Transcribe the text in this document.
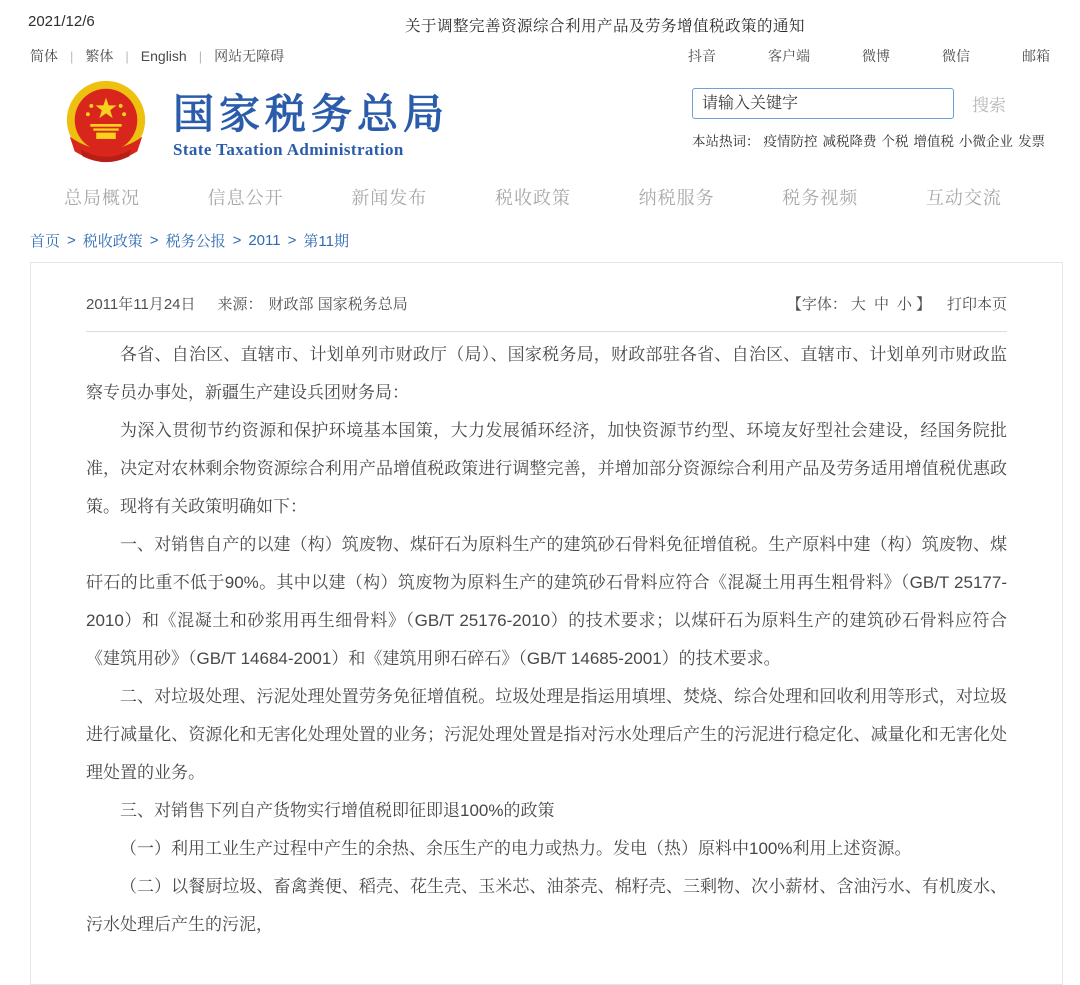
2021/12/6	关于调整完善资源综合利用产品及劳务增值税政策的通知
简体 | 繁体 | English | 网站无障碍	抖音	客户端	微博	微信	邮箱
国家税务总局
State Taxation Administration
请输入关键字
搜索
本站热词： 疫情防控 减税降费 个税 增值税 小微企业 发票
总局概况	信息公开	新闻发布	税收政策	纳税服务	税务视频	互动交流
首页 > 税收政策 > 税务公报 > 2011 > 第11期
2011年11月24日 来源： 财政部 国家税务总局	【字体： 大 中 小 】 打印本页

各省、自治区、直辖市、计划单列市财政厅（局）、国家税务局，财政部驻各省、自治区、直辖市、计划单列市财政监察专员办事处，新疆生产建设兵团财务局：

为深入贯彻节约资源和保护环境基本国策，大力发展循环经济，加快资源节约型、环境友好型社会建设，经国务院批准，决定对农林剩余物资源综合利用产品增值税政策进行调整完善，并增加部分资源综合利用产品及劳务适用增值税优惠政策。现将有关政策明确如下：

一、对销售自产的以建（构）筑废物、煤矸石为原料生产的建筑砂石骨料免征增值税。生产原料中建（构）筑废物、煤矸石的比重不低于90%。其中以建（构）筑废物为原料生产的建筑砂石骨料应符合《混凝土用再生粗骨料》（GB/T 25177-2010）和《混凝土和砂浆用再生细骨料》（GB/T 25176-2010）的技术要求；以煤矸石为原料生产的建筑砂石骨料应符合《建筑用砂》（GB/T 14684-2001）和《建筑用卵石碎石》（GB/T 14685-2001）的技术要求。

二、对垃圾处理、污泥处理处置劳务免征增值税。垃圾处理是指运用填埋、焚烧、综合处理和回收利用等形式，对垃圾进行减量化、资源化和无害化处理处置的业务；污泥处理处置是指对污水处理后产生的污泥进行稳定化、减量化和无害化处理处置的业务。

三、对销售下列自产货物实行增值税即征即退100%的政策

（一）利用工业生产过程中产生的余热、余压生产的电力或热力。发电（热）原料中100%利用上述资源。

（二）以餐厨垃圾、畜禽粪便、稻壳、花生壳、玉米芯、油茶壳、棉籽壳、三剩物、次小薪材、含油污水、有机废水、污水处理后产生的污泥，
